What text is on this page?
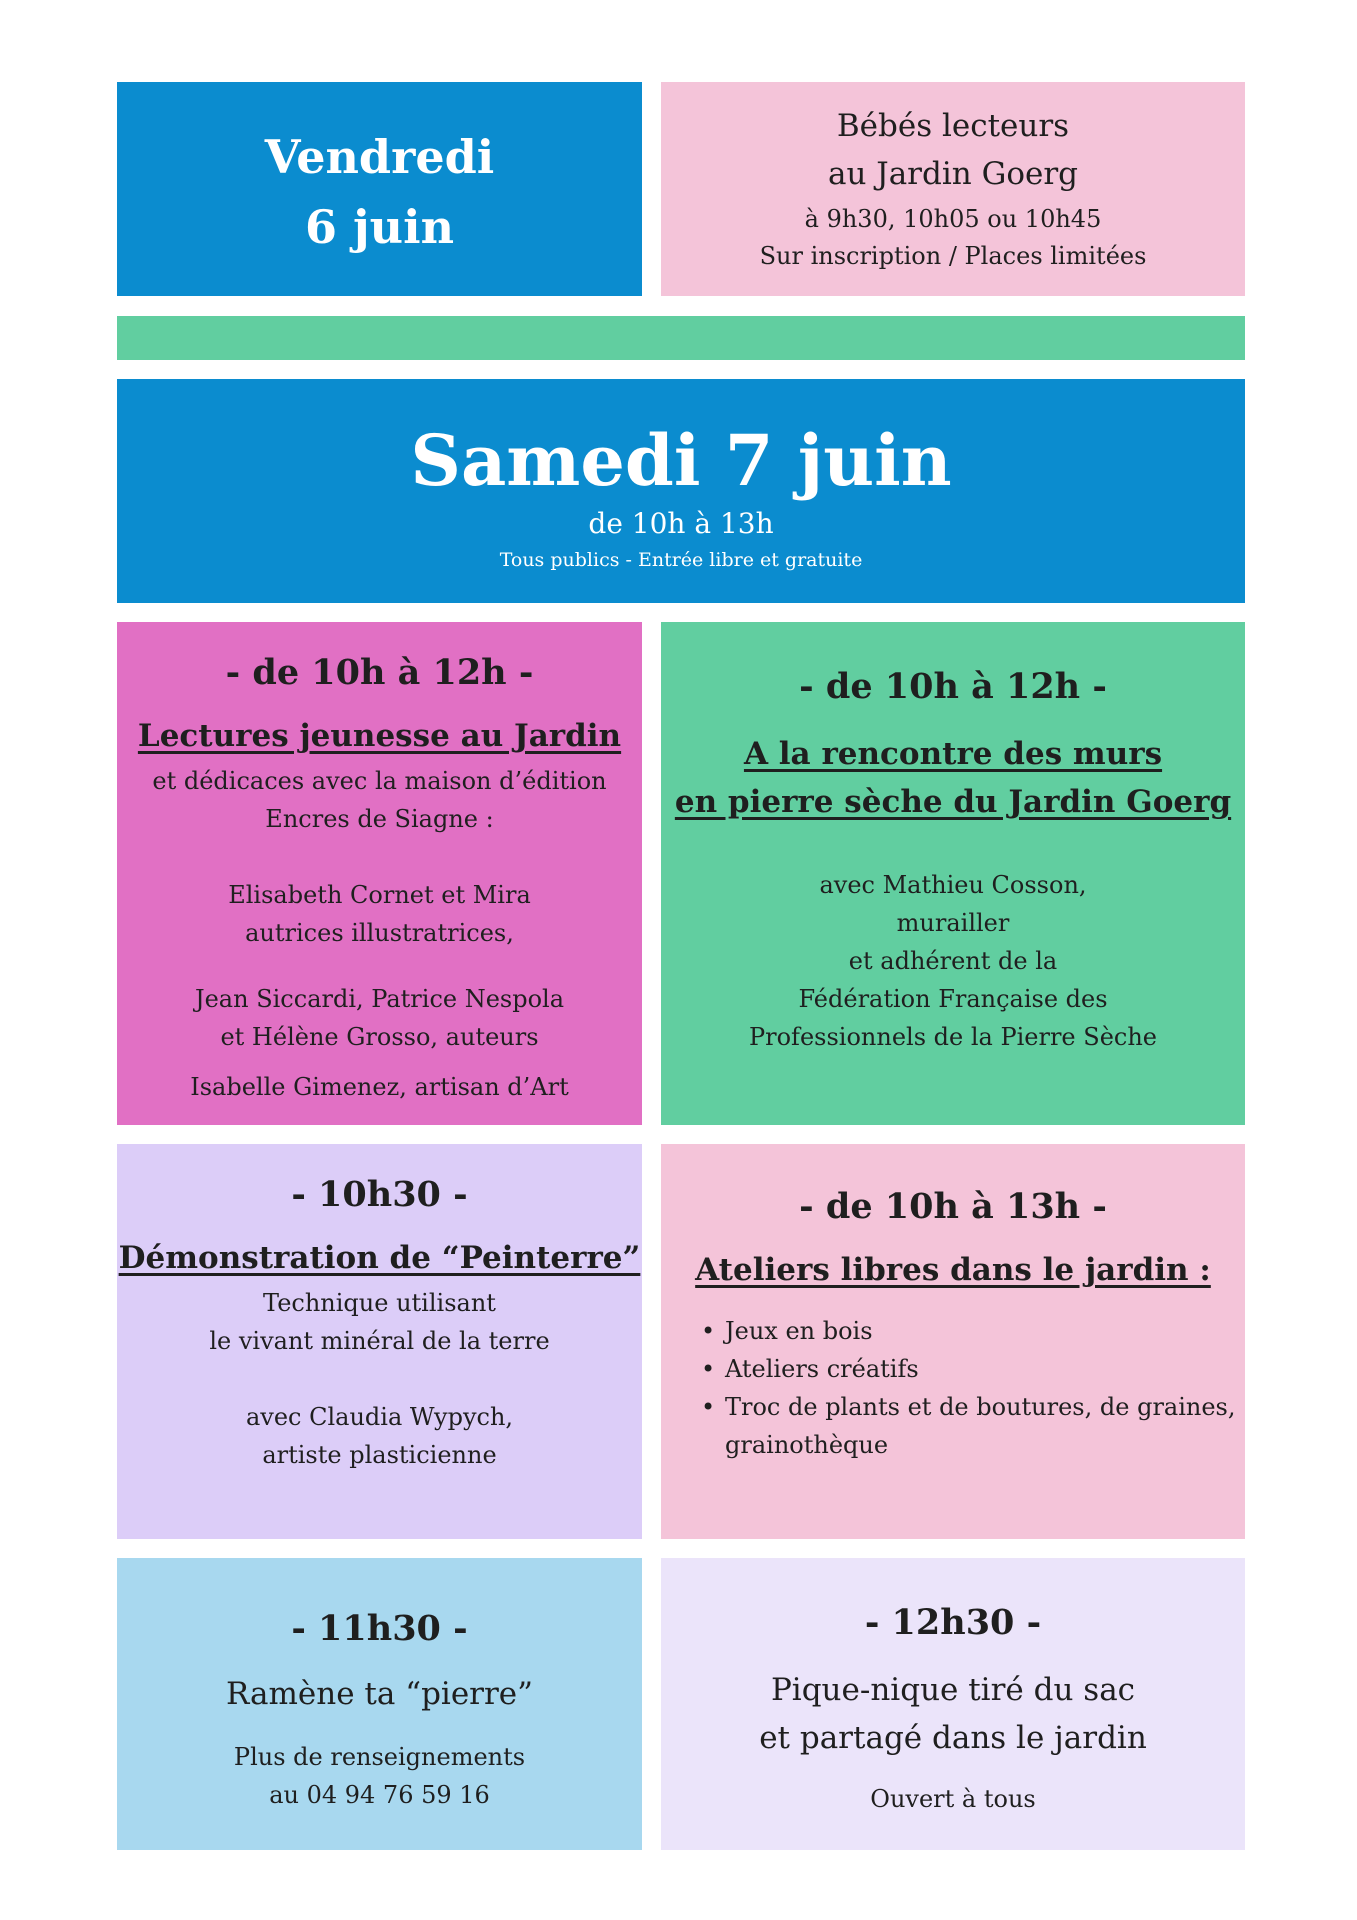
Vendredi
6 juin
Bébés lecteurs
au Jardin Goerg
à 9h30, 10h05 ou 10h45
Sur inscription / Places limitées
Samedi 7 juin
de 10h à 13h
Tous publics - Entrée libre et gratuite
- de 10h à 12h -
Lectures jeunesse au Jardin
et dédicaces avec la maison d’édition
Encres de Siagne :
Elisabeth Cornet et Mira
autrices illustratrices,
Jean Siccardi, Patrice Nespola
et Hélène Grosso, auteurs
Isabelle Gimenez, artisan d’Art
- de 10h à 12h -
A la rencontre des murs
en pierre sèche du Jardin Goerg
avec Mathieu Cosson,
murailler
et adhérent de la
Fédération Française des
Professionnels de la Pierre Sèche
- 10h30 -
Démonstration de “Peinterre”
Technique utilisant
le vivant minéral de la terre
avec Claudia Wypych,
artiste plasticienne
- de 10h à 13h -
Ateliers libres dans le jardin :
• Jeux en bois
• Ateliers créatifs
• Troc de plants et de boutures, de graines,
grainothèque
- 11h30 -
Ramène ta “pierre”
Plus de renseignements
au 04 94 76 59 16
- 12h30 -
Pique-nique tiré du sac
et partagé dans le jardin
Ouvert à tous
